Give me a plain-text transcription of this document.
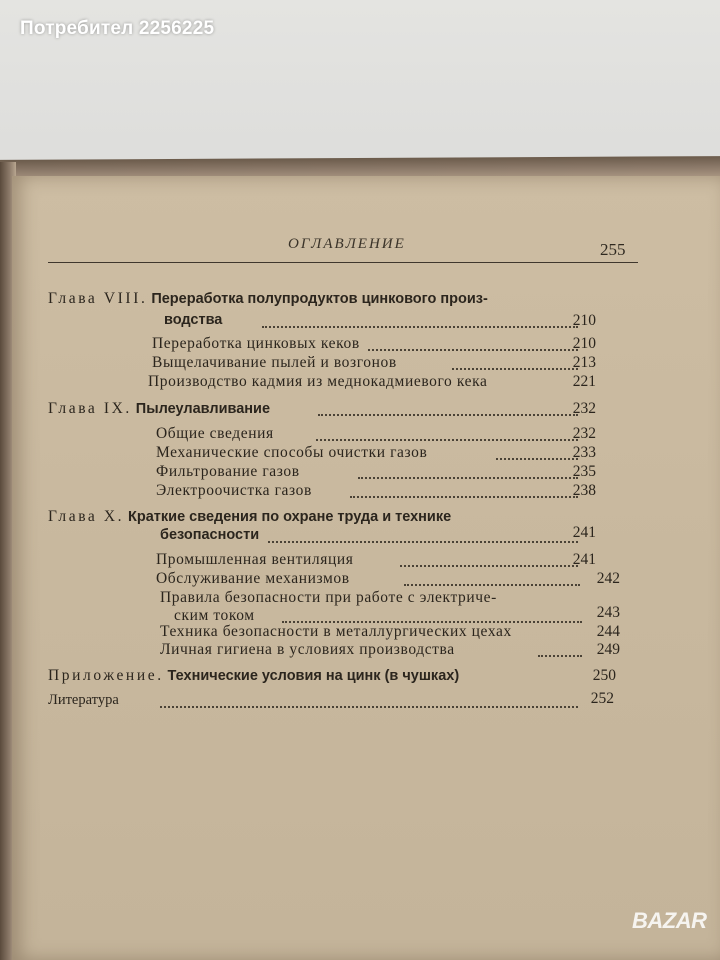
Потребител 2256225
ОГЛАВЛЕНИЕ	255
Глава VIII. Переработка полупродуктов цинкового произ-
водства	210
Переработка цинковых кеков	210
Выщелачивание пылей и возгонов	213
Производство кадмия из меднокадмиевого кека	221
Глава IX. Пылеулавливание	232
Общие сведения	232
Механические способы очистки газов	233
Фильтрование газов	235
Электроочистка газов	238
Глава X. Краткие сведения по охране труда и технике
безопасности	241
Промышленная вентиляция	241
Обслуживание механизмов	242
Правила безопасности при работе с электриче-
ским током	243
Техника безопасности в металлургических цехах	244
Личная гигиена в условиях производства	249
Приложение. Технические условия на цинк (в чушках)	250
Литература	252
BAZAR
